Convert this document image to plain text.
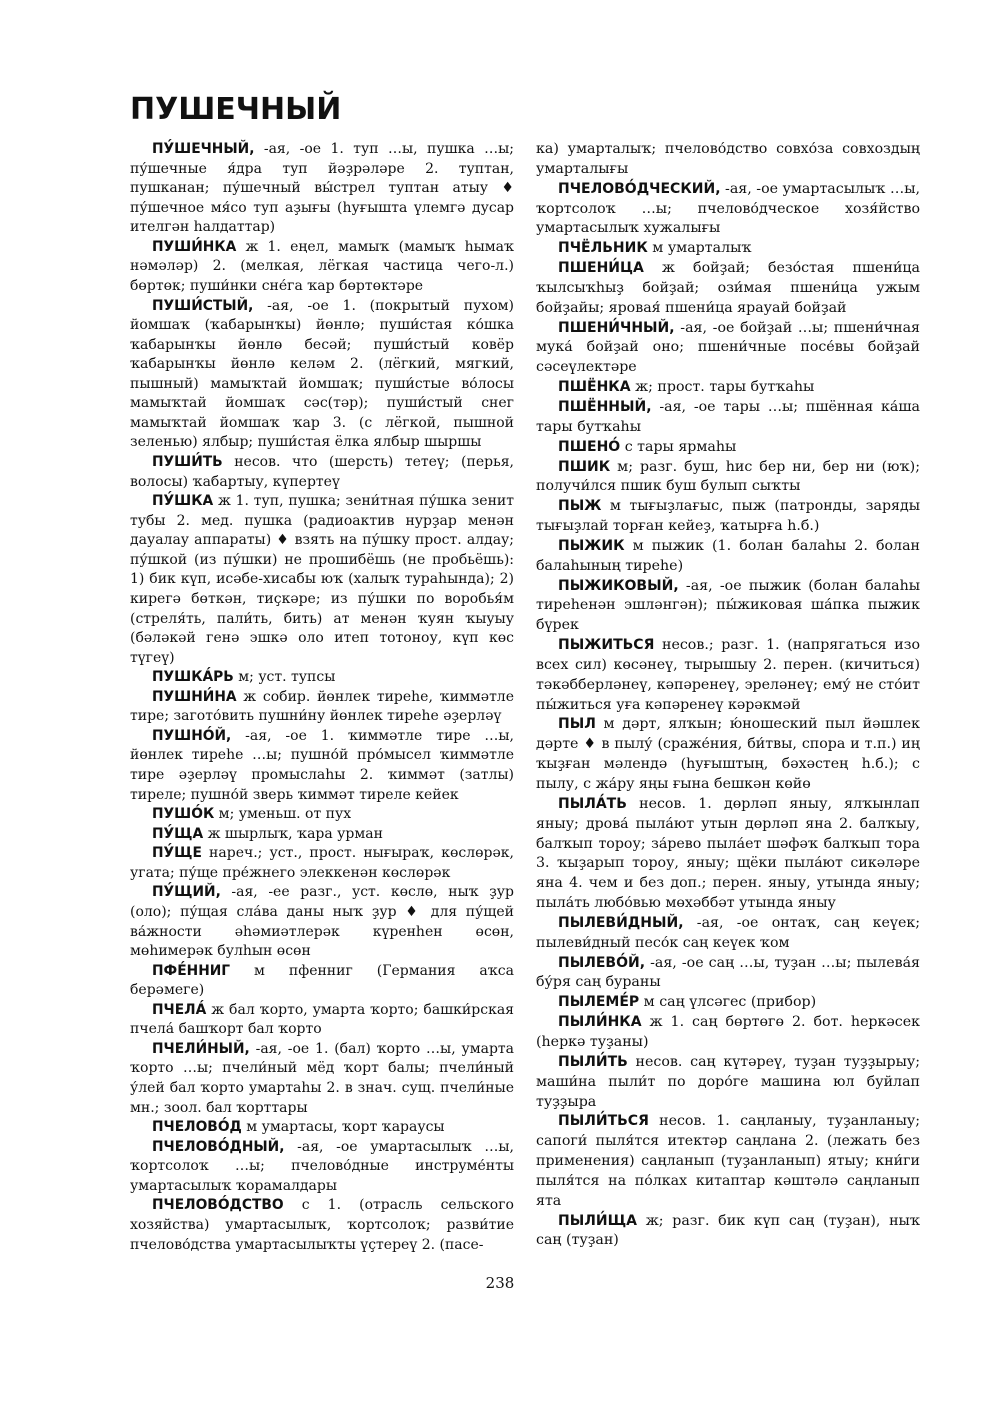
ПУШЕЧНЫЙ

ПУ́ШЕЧНЫЙ, -ая, -ое 1. туп …ы, пушка …ы; пу́шечные я́дра туп йәҙрәләре 2. туптан, пушканан; пу́шечный вы́стрел туптан атыу ♦ пу́шечное мя́со туп аҙығы (һуғышта үлемгә дусар ителгән һалдаттар)

ПУШИ́НКА ж 1. еңел, мамыҡ (мамыҡ һымаҡ нәмәләр) 2. (мелкая, лёгкая частица чего-л.) бөртөк; пуши́нки сне́га ҡар бөртөктәре

ПУШИ́СТЫЙ, -ая, -ое 1. (покрытый пухом) йомшаҡ (ҡабарынҡы) йөнлө; пуши́стая ко́шка ҡабарынҡы йөнлө бесәй; пуши́стый ковёр ҡабарынҡы йөнлө келәм 2. (лёгкий, мягкий, пышный) мамыҡтай йомшаҡ; пуши́стые во́лосы мамыҡтай йомшаҡ сәс(тәр); пуши́стый снег мамыҡтай йомшаҡ ҡар 3. (с лёгкой, пышной зеленью) ялбыр; пуши́стая ёлка ялбыр шыршы

ПУШИ́ТЬ несов. что (шерсть) тетеү; (перья, волосы) ҡабартыу, күпертеү

ПУ́ШКА ж 1. туп, пушка; зени́тная пу́шка зенит тубы 2. мед. пушка (радиоактив нурҙар менән дауалау аппараты) ♦ взять на пу́шку прост. алдау; пу́шкой (из пу́шки) не прошибёшь (не пробьёшь): 1) бик күп, исәбе-хисабы юҡ (халыҡ тураһында); 2) кирегә бөткән, тиҫкәре; из пу́шки по воробья́м (стреля́ть, пали́ть, бить) ат менән ҡуян ҡыуыу (бәләкәй генә эшкә оло итеп тотоноу, күп көс түгеү)

ПУШКА́РЬ м; уст. тупсы

ПУШНИ́НА ж собир. йөнлек тиреһе, ҡиммәтле тире; загото́вить пушни́ну йөнлек тиреһе әҙерләү

ПУШНО́Й, -ая, -ое 1. ҡиммәтле тире …ы, йөнлек тиреһе …ы; пушно́й про́мысел ҡиммәтле тире әҙерләү промыслаһы 2. ҡиммәт (затлы) тиреле; пушно́й зверь ҡиммәт тиреле кейек

ПУШО́К м; уменьш. от пух

ПУ́ЩА ж шырлыҡ, ҡара урман

ПУ́ЩЕ нареч.; уст., прост. нығыраҡ, көслөрәк, угата; пу́ще пре́жнего элеккенән көслөрәк

ПУ́ЩИЙ, -ая, -ее разг., уст. көслө, ныҡ ҙур (оло); пу́щая сла́ва даны ныҡ ҙур ♦ для пу́щей ва́жности әһәмиәтлерәк күренһен өсөн, мөһимерәк булһын өсөн

ПФЕ́ННИГ м пфенниг (Германия аҡса берәмеге)

ПЧЕЛА́ ж бал ҡорто, умарта ҡорто; башки́рская пчела́ башҡорт бал ҡорто

ПЧЕЛИ́НЫЙ, -ая, -ое 1. (бал) ҡорто …ы, умарта ҡорто …ы; пчели́ный мёд ҡорт балы; пчели́ный у́лей бал ҡорто умартаһы 2. в знач. сущ. пчели́ные мн.; зоол. бал ҡорттары

ПЧЕЛОВО́Д м умартасы, ҡорт ҡараусы

ПЧЕЛОВО́ДНЫЙ, -ая, -ое умартасылыҡ …ы, ҡортсолоҡ …ы; пчелово́дные инструме́нты умартасылыҡ ҡорамалдары

ПЧЕЛОВО́ДСТВО с 1. (отрасль сельского хозяйства) умартасылыҡ, ҡортсолоҡ; разви́тие пчелово́дства умартасылыҡты үҫтереү 2. (пасе-

ка) умарталыҡ; пчелово́дство совхо́за совхоздың умарталығы

ПЧЕЛОВО́ДЧЕСКИЙ, -ая, -ое умартасылыҡ …ы, ҡортсолоҡ …ы; пчелово́дческое хозя́йство умартасылыҡ хужалығы

ПЧЁЛЬНИК м умарталыҡ

ПШЕНИ́ЦА ж бойҙай; безо́стая пшени́ца ҡылсыҡһыҙ бойҙай; ози́мая пшени́ца ужым бойҙайы; яровая́ пшени́ца ярауай бойҙай

ПШЕНИ́ЧНЫЙ, -ая, -ое бойҙай …ы; пшени́чная мука́ бойҙай оно; пшени́чные посе́вы бойҙай сәсеүлектәре

ПШЁНКА ж; прост. тары бутҡаһы

ПШЁННЫЙ, -ая, -ое тары …ы; пшённая ка́ша тары бутҡаһы

ПШЕНО́ с тары ярмаһы

ПШИК м; разг. буш, һис бер ни, бер ни (юҡ); получи́лся пшик буш булып сыҡты

ПЫЖ м тығыҙлағыс, пыж (патронды, заряды тығыҙлай торған кейеҙ, ҡатырға һ.б.)

ПЫЖИК м пыжик (1. болан балаһы 2. болан балаһының тиреһе)

ПЫЖИКОВЫЙ, -ая, -ое пыжик (болан балаһы тиреһенән эшләнгән); пы́жиковая ша́пка пыжик бүрек

ПЫЖИТЬСЯ несов.; разг. 1. (напрягаться изо всех сил) көсәнеү, тырышыу 2. перен. (кичиться) тәкәбберләнеү, кәпәренеү, эреләнеү; ему́ не сто́ит пы́житься уға кәпәренеү кәрәкмәй

ПЫЛ м дәрт, ялҡын; ю́ношеский пыл йәшлек дәрте ♦ в пылу́ (сраже́ния, би́твы, спора и т.п.) иң ҡыҙған мәлендә (һуғыштың, бәхәстең һ.б.); с пылу, с жа́ру яңы ғына бешкән көйө

ПЫЛА́ТЬ несов. 1. дөрләп яныу, ялҡынлап яныу; дрова́ пыла́ют утын дөрләп яна 2. балҡыу, балҡып тороу; за́рево пыла́ет шәфәҡ балҡып тора 3. ҡыҙарып тороу, яныу; щёки пыла́ют сикәләре яна 4. чем и без доп.; перен. яныу, утында яныу; пыла́ть любо́вью мөхәббәт утында яныу

ПЫЛЕВИ́ДНЫЙ, -ая, -ое онтаҡ, саң кеүек; пылеви́дный песо́к саң кеүек ҡом

ПЫЛЕВО́Й, -ая, -ое саң …ы, туҙан …ы; пылева́я бу́ря саң бураны

ПЫЛЕМЕ́Р м саң үлсәгес (прибор)

ПЫЛИ́НКА ж 1. саң бөртөгө 2. бот. һеркәсек (һеркә туҙаны)

ПЫЛИ́ТЬ несов. саң күтәреү, туҙан туҙҙырыу; маши́на пыли́т по доро́ге машина юл буйлап туҙҙыра

ПЫЛИ́ТЬСЯ несов. 1. саңланыу, туҙанланыу; сапоги́ пыля́тся итектәр саңлана 2. (лежать без применения) саңланып (туҙанланып) ятыу; кни́ги пыля́тся на по́лках китаптар кәштәлә саңланып ята

ПЫЛИ́ЩА ж; разг. бик күп саң (туҙан), ныҡ саң (туҙан)

238
